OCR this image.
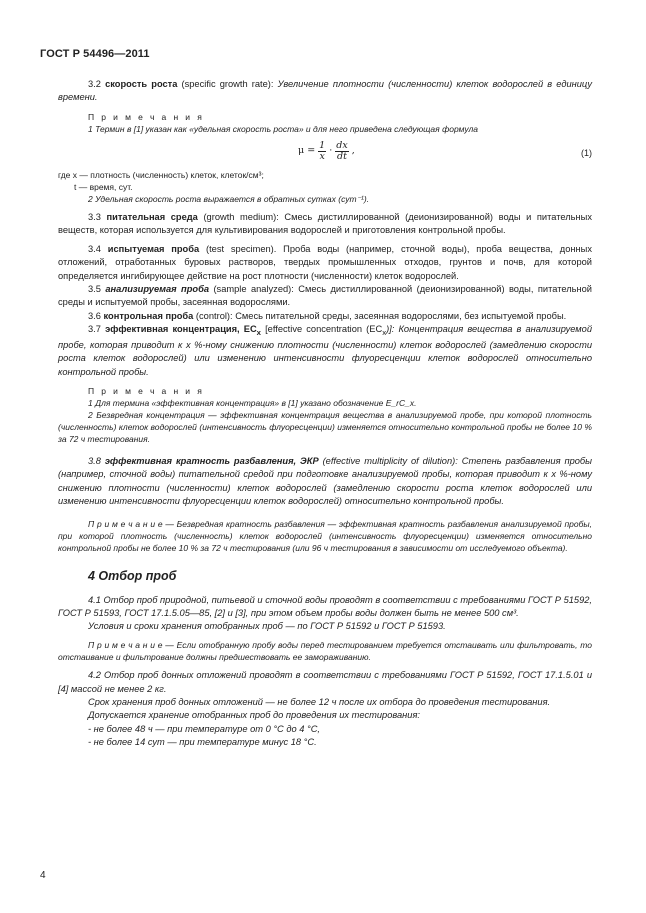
ГОСТ Р 54496—2011

3.2 скорость роста (specific growth rate): Увеличение плотности (численности) клеток водорослей в единицу времени.

П р и м е ч а н и я

1 Термин в [1] указан как «удельная скорость роста» и для него приведена следующая формула

$\mu = \frac{1}{x} \cdot \frac{dx}{dt}$ ,	(1)

где x — плотность (численность) клеток, клеток/см³;

t — время, сут.

2 Удельная скорость роста выражается в обратных сутках (сут⁻¹).

3.3 питательная среда (growth medium): Смесь дистиллированной (деионизированной) воды и питательных веществ, которая используется для культивирования водорослей и приготовления контрольной пробы.

3.4 испытуемая проба (test specimen). Проба воды (например, сточной воды), проба вещества, донных отложений, отработанных буровых растворов, твердых промышленных отходов, грунтов и почв, для которой определяется ингибирующее действие на рост плотности (численности) клеток водорослей.

3.5 анализируемая проба (sample analyzed): Смесь дистиллированной (деионизированной) воды, питательной среды и испытуемой пробы, засеянная водорослями.

3.6 контрольная проба (control): Смесь питательной среды, засеянная водорослями, без испытуемой пробы.

3.7 эффективная концентрация, $EC_x$ [effective concentration $(EC_x)$]: Концентрация вещества в анализируемой пробе, которая приводит к x %-ному снижению плотности (численности) клеток водорослей (замедлению скорости роста клеток водорослей) или изменению интенсивности флуоресценции клеток водорослей относительно контрольной пробы.

П р и м е ч а н и я

1 Для термина «эффективная концентрация» в [1] указано обозначение E_rC_x.

2 Безвредная концентрация — эффективная концентрация вещества в анализируемой пробе, при которой плотность (численность) клеток водорослей (интенсивность флуоресценции) изменяется относительно контрольной пробы не более 10 % за 72 ч тестирования.

3.8 эффективная кратность разбавления, ЭКР (effective multiplicity of dilution): Степень разбавления пробы (например, сточной воды) питательной средой при подготовке анализируемой пробы, которая приводит к x %-ному снижению плотности (численности) клеток водорослей (замедлению скорости роста клеток водорослей или изменению интенсивности флуоресценции клеток водорослей) относительно контрольной пробы.

П р и м е ч а н и е — Безвредная кратность разбавления — эффективная кратность разбавления анализируемой пробы, при которой плотность (численность) клеток водорослей (интенсивность флуоресценции) изменяется относительно контрольной пробы не более 10 % за 72 ч тестирования (или 96 ч тестирования в зависимости от исследуемого объекта).

4 Отбор проб

4.1 Отбор проб природной, питьевой и сточной воды проводят в соответствии с требованиями ГОСТ Р 51592, ГОСТ Р 51593, ГОСТ 17.1.5.05—85, [2] и [3], при этом объем пробы воды должен быть не менее 500 см³.

Условия и сроки хранения отобранных проб — по ГОСТ Р 51592 и ГОСТ Р 51593.

П р и м е ч а н и е — Если отобранную пробу воды перед тестированием требуется отстаивать или фильтровать, то отстаивание и фильтрование должны предшествовать ее замораживанию.

4.2 Отбор проб донных отложений проводят в соответствии с требованиями ГОСТ Р 51592, ГОСТ 17.1.5.01 и [4] массой не менее 2 кг.

Срок хранения проб донных отложений — не более 12 ч после их отбора до проведения тестирования.

Допускается хранение отобранных проб до проведения их тестирования:

- не более 48 ч — при температуре от 0 °С до 4 °С,

- не более 14 сут — при температуре минус 18 °С.

4
